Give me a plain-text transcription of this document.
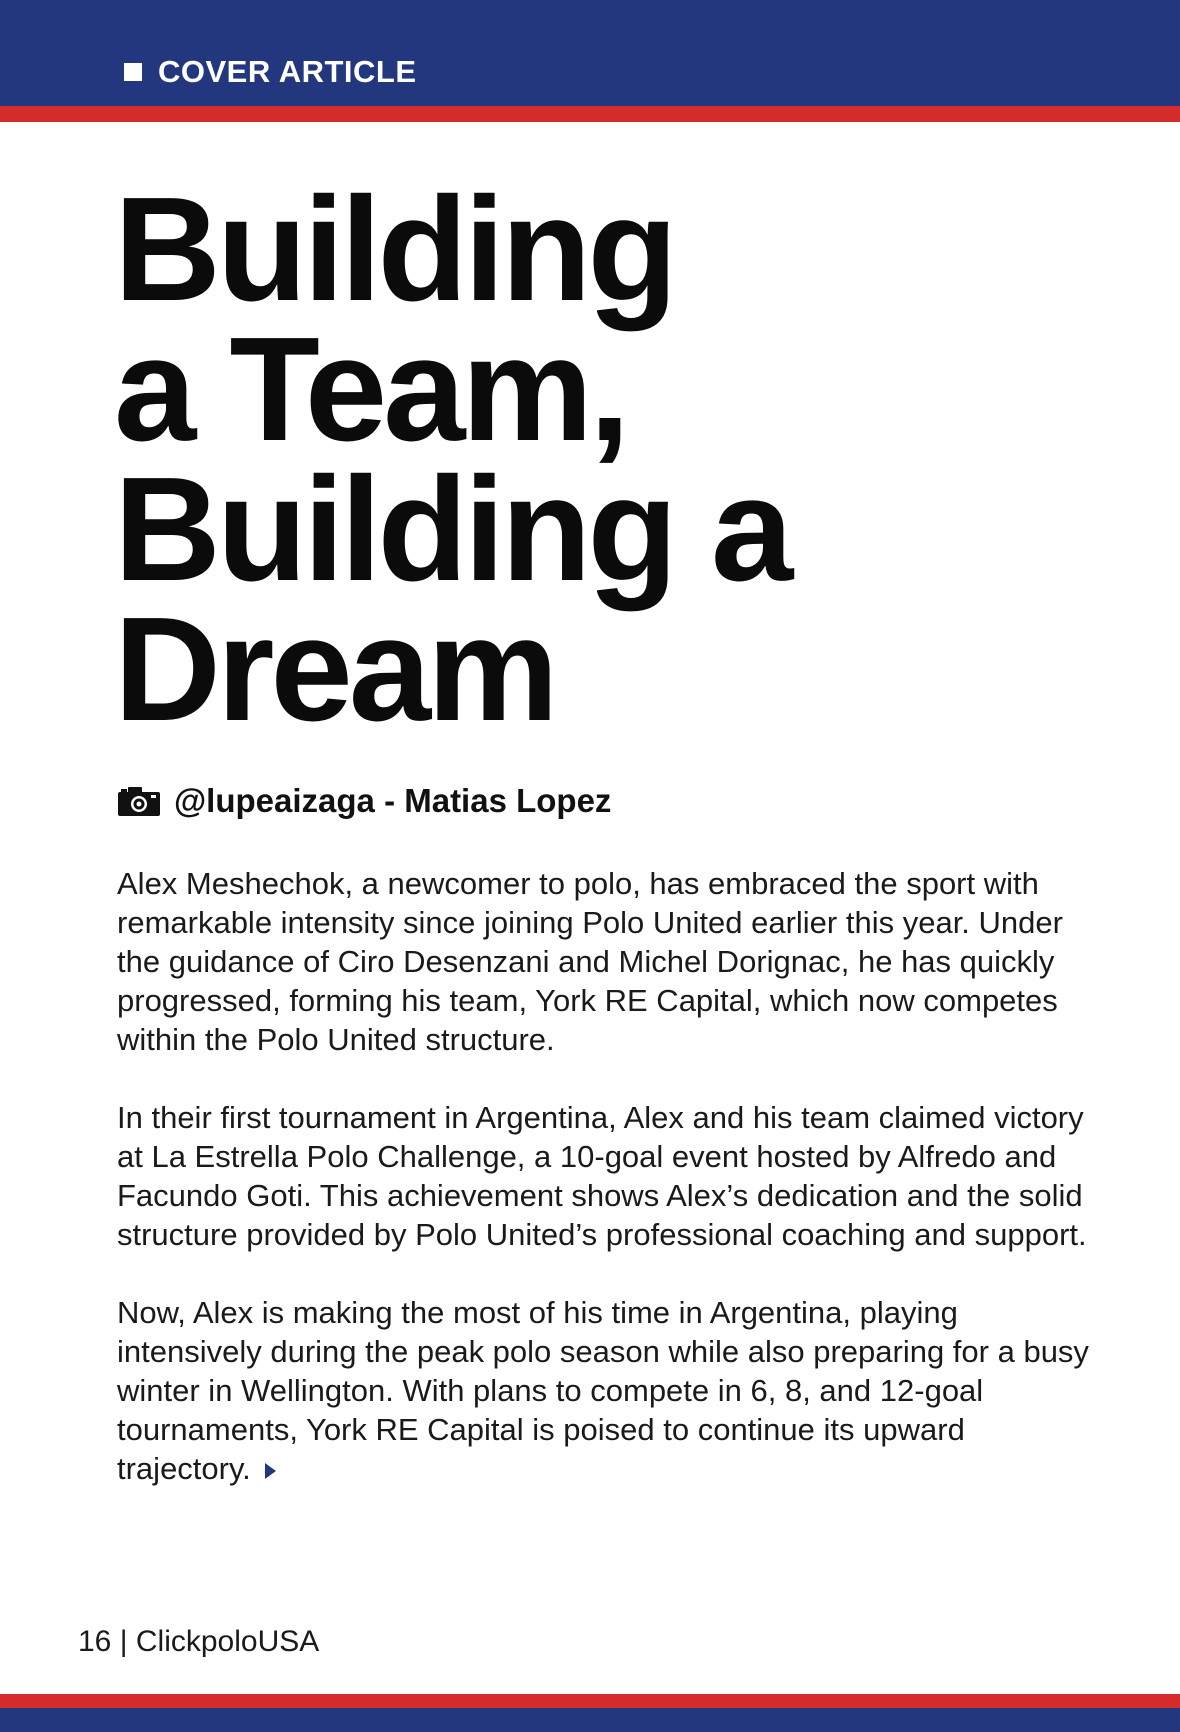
COVER ARTICLE
Building
a Team,
Building a
Dream
@lupeaizaga - Matias Lopez

Alex Meshechok, a newcomer to polo, has embraced the sport with remarkable intensity since joining Polo United earlier this year. Under the guidance of Ciro Desenzani and Michel Dorignac, he has quickly progressed, forming his team, York RE Capital, which now competes within the Polo United structure.

In their first tournament in Argentina, Alex and his team claimed victory at La Estrella Polo Challenge, a 10-goal event hosted by Alfredo and Facundo Goti. This achievement shows Alex’s dedication and the solid structure provided by Polo United’s professional coaching and support.

Now, Alex is making the most of his time in Argentina, playing intensively during the peak polo season while also preparing for a busy winter in Wellington. With plans to compete in 6, 8, and 12-goal tournaments, York RE Capital is poised to continue its upward trajectory.

16 | ClickpoloUSA
